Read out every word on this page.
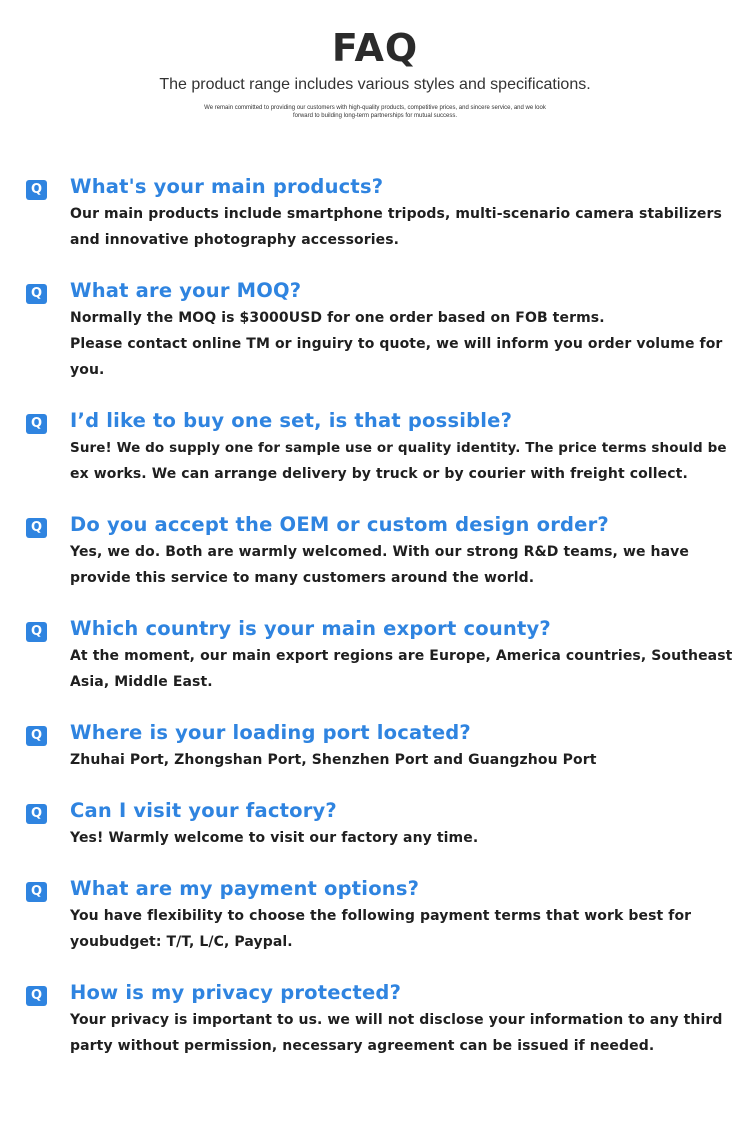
FAQ
The product range includes various styles and specifications.
We remain committed to providing our customers with high-quality products, competitive prices, and sincere service, and we look
forward to building long-term partnerships for mutual success.
Q What's your main products?
Our main products include smartphone tripods, multi-scenario camera stabilizers
and innovative photography accessories.
Q What are your MOQ?
Normally the MOQ is $3000USD for one order based on FOB terms.
Please contact online TM or inguiry to quote, we will inform you order volume for
you.
Q I’d like to buy one set, is that possible?
Sure! We do supply one for sample use or quality identity. The price terms should be
ex works. We can arrange delivery by truck or by courier with freight collect.
Q Do you accept the OEM or custom design order?
Yes, we do. Both are warmly welcomed. With our strong R&D teams, we have
provide this service to many customers around the world.
Q Which country is your main export county?
At the moment, our main export regions are Europe, America countries, Southeast
Asia, Middle East.
Q Where is your loading port located?
Zhuhai Port, Zhongshan Port, Shenzhen Port and Guangzhou Port
Q Can I visit your factory?
Yes! Warmly welcome to visit our factory any time.
Q What are my payment options?
You have flexibility to choose the following payment terms that work best for
youbudget: T/T, L/C, Paypal.
Q How is my privacy protected?
Your privacy is important to us. we will not disclose your information to any third
party without permission, necessary agreement can be issued if needed.
